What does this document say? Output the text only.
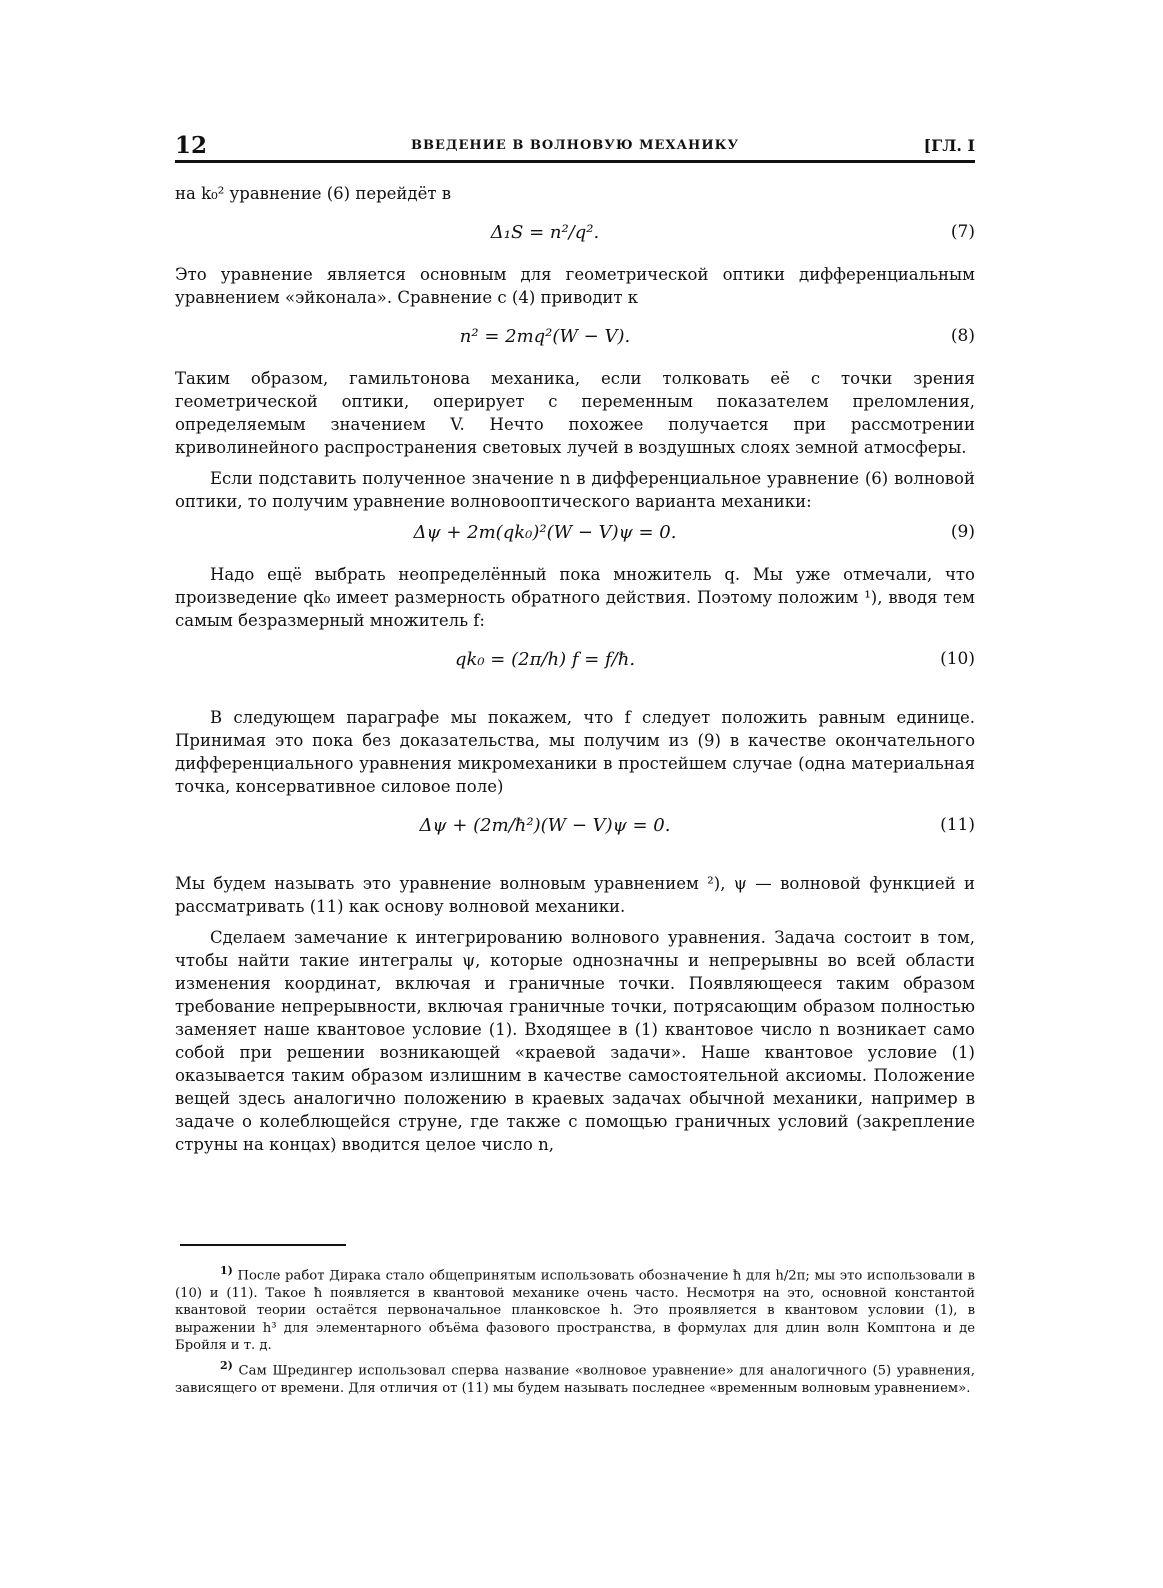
12	ВВЕДЕНИЕ В ВОЛНОВУЮ МЕХАНИКУ	[ГЛ. I

на k₀² уравнение (6) перейдёт в

Δ₁S = n²/q².	(7)

Это уравнение является основным для геометрической оптики дифференциальным уравнением «эйконала». Сравнение с (4) приводит к

n² = 2mq²(W − V).	(8)

Таким образом, гамильтонова механика, если толковать её с точки зрения геометрической оптики, оперирует с переменным показателем преломления, определяемым значением V. Нечто похожее получается при рассмотрении криволинейного распространения световых лучей в воздушных слоях земной атмосферы.

Если подставить полученное значение n в дифференциальное уравнение (6) волновой оптики, то получим уравнение волновооптического варианта механики:

Δψ + 2m(qk₀)²(W − V)ψ = 0.	(9)

Надо ещё выбрать неопределённый пока множитель q. Мы уже отмечали, что произведение qk₀ имеет размерность обратного действия. Поэтому положим ¹), вводя тем самым безразмерный множитель f:

qk₀ = (2π/h) f = f/ħ.	(10)

В следующем параграфе мы покажем, что f следует положить равным единице. Принимая это пока без доказательства, мы получим из (9) в качестве окончательного дифференциального уравнения микромеханики в простейшем случае (одна материальная точка, консервативное силовое поле)

Δψ + (2m/ħ²)(W − V)ψ = 0.	(11)

Мы будем называть это уравнение волновым уравнением ²), ψ — волновой функцией и рассматривать (11) как основу волновой механики.

Сделаем замечание к интегрированию волнового уравнения. Задача состоит в том, чтобы найти такие интегралы ψ, которые однозначны и непрерывны во всей области изменения координат, включая и граничные точки. Появляющееся таким образом требование непрерывности, включая граничные точки, потрясающим образом полностью заменяет наше квантовое условие (1). Входящее в (1) квантовое число n возникает само собой при решении возникающей «краевой задачи». Наше квантовое условие (1) оказывается таким образом излишним в качестве самостоятельной аксиомы. Положение вещей здесь аналогично положению в краевых задачах обычной механики, например в задаче о колеблющейся струне, где также с помощью граничных условий (закрепление струны на концах) вводится целое число n,

$^{1)}$ После работ Дирака стало общепринятым использовать обозначение ħ для h/2π; мы это использовали в (10) и (11). Такое ħ появляется в квантовой механике очень часто. Несмотря на это, основной константой квантовой теории остаётся первоначальное планковское h. Это проявляется в квантовом условии (1), в выражении h³ для элементарного объёма фазового пространства, в формулах для длин волн Комптона и де Бройля и т. д.

$^{2)}$ Сам Шредингер использовал сперва название «волновое уравнение» для аналогичного (5) уравнения, зависящего от времени. Для отличия от (11) мы будем называть последнее «временным волновым уравнением».
